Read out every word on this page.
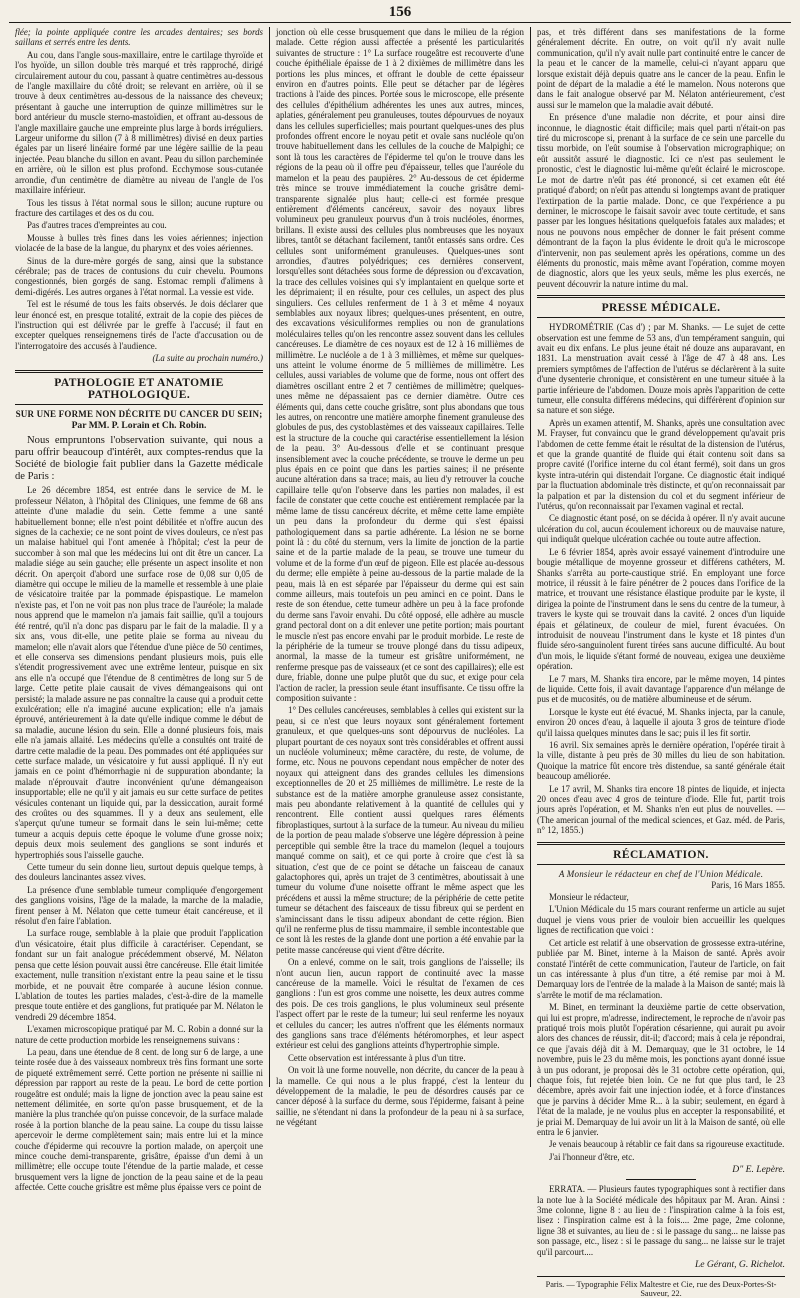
156

flée; la pointe appliquée contre les arcades dentaires; ses bords saillans et serrés entre les dents.

Au cou, dans l'angle sous-maxillaire, entre le cartilage thyroïde et l'os hyoïde, un sillon double très marqué et très rapproché, dirigé circulairement autour du cou, passant à quatre centimètres au-dessous de l'angle maxillaire du côté droit; se relevant en arrière, où il se trouve à deux centimètres au-dessous de la naissance des cheveux; présentant à gauche une interruption de quinze millimètres sur le bord antérieur du muscle sterno-mastoïdien, et offrant au-dessous de l'angle maxillaire gauche une empreinte plus large à bords irréguliers. Largeur uniforme du sillon (7 à 8 millimètres) divisé en deux parties égales par un liseré linéaire formé par une légère saillie de la peau injectée. Peau blanche du sillon en avant. Peau du sillon parcheminée en arrière, où le sillon est plus profond. Ecchymose sous-cutanée arrondie, d'un centimètre de diamètre au niveau de l'angle de l'os maxillaire inférieur.

Tous les tissus à l'état normal sous le sillon; aucune rupture ou fracture des cartilages et des os du cou.

Pas d'autres traces d'empreintes au cou.

Mousse à bulles très fines dans les voies aériennes; injection violacée de la base de la langue, du pharynx et des voies aériennes.

Sinus de la dure-mère gorgés de sang, ainsi que la substance cérébrale; pas de traces de contusions du cuir chevelu. Poumons congestionnés, bien gorgés de sang. Estomac rempli d'alimens à demi-digérés. Les autres organes à l'état normal. La vessie est vide.

Tel est le résumé de tous les faits observés. Je dois déclarer que leur énoncé est, en presque totalité, extrait de la copie des pièces de l'instruction qui est délivrée par le greffe à l'accusé; il faut en excepter quelques renseignemens tirés de l'acte d'accusation ou de l'interrogatoire des accusés à l'audience.

(La suite au prochain numéro.)

PATHOLOGIE ET ANATOMIE PATHOLOGIQUE.
SUR UNE FORME NON DÉCRITE DU CANCER DU SEIN;
Par MM. P. Lorain et Ch. Robin.

Nous empruntons l'observation suivante, qui nous a paru offrir beaucoup d'intérêt, aux comptes-rendus que la Société de biologie fait publier dans la Gazette médicale de Paris :

Le 26 décembre 1854, est entrée dans le service de M. le professeur Nélaton, à l'hôpital des Cliniques, une femme de 68 ans atteinte d'une maladie du sein. Cette femme a une santé habituellement bonne; elle n'est point débilitée et n'offre aucun des signes de la cachexie; ce ne sont point de vives douleurs, ce n'est pas un malaise habituel qui l'ont amenée à l'hôpital; c'est la peur de succomber à son mal que les médecins lui ont dit être un cancer. La maladie siége au sein gauche; elle présente un aspect insolite et non décrit. On aperçoit d'abord une surface rose de 0,08 sur 0,05 de diamètre qui occupe le milieu de la mamelle et ressemble à une plaie de vésicatoire traitée par la pommade épispastique. Le mamelon n'existe pas, et l'on ne voit pas non plus trace de l'auréole; la malade nous apprend que le mamelon n'a jamais fait saillie, qu'il a toujours été rentré, qu'il n'a donc pas disparu par le fait de la maladie. Il y a six ans, vous dit-elle, une petite plaie se forma au niveau du mamelon; elle n'avait alors que l'étendue d'une pièce de 50 centimes, et elle conserva ses dimensions pendant plusieurs mois, puis elle s'étendit progressivement avec une extrême lenteur, puisque en six ans elle n'a occupé que l'étendue de 8 centimètres de long sur 5 de large. Cette petite plaie causait de vives démangeaisons qui ont persisté; la malade assure ne pas connaître la cause qui a produit cette exulcération; elle n'a imaginé aucune explication; elle n'a jamais éprouvé, antérieurement à la date qu'elle indique comme le début de sa maladie, aucune lésion du sein. Elle a donné plusieurs fois, mais elle n'a jamais allaité. Les médecins qu'elle a consultés ont traité de dartre cette maladie de la peau. Des pommades ont été appliquées sur cette surface malade, un vésicatoire y fut aussi appliqué. Il n'y eut jamais en ce point d'hémorrhagie ni de suppuration abondante; la malade n'éprouvait d'autre inconvénient qu'une démangeaison insupportable; elle ne qu'il y ait jamais eu sur cette surface de petites vésicules contenant un liquide qui, par la dessiccation, aurait formé des croûtes ou des squammes. Il y a deux ans seulement, elle s'aperçut qu'une tumeur se formait dans le sein lui-même; cette tumeur a acquis depuis cette époque le volume d'une grosse noix; depuis deux mois seulement des ganglions se sont indurés et hypertrophiés sous l'aisselle gauche.

Cette tumeur du sein donne lieu, surtout depuis quelque temps, à des douleurs lancinantes assez vives.

La présence d'une semblable tumeur compliquée d'engorgement des ganglions voisins, l'âge de la malade, la marche de la maladie, firent penser à M. Nélaton que cette tumeur était cancéreuse, et il résolut d'en faire l'ablation.

La surface rouge, semblable à la plaie que produit l'application d'un vésicatoire, était plus difficile à caractériser. Cependant, se fondant sur un fait analogue précédemment observé, M. Nélaton pensa que cette lésion pouvait aussi être cancéreuse. Elle était limitée exactement, nulle transition n'existant entre la peau saine et le tissu morbide, et ne pouvait être comparée à aucune lésion connue. L'ablation de toutes les parties malades, c'est-à-dire de la mamelle presque toute entière et des ganglions, fut pratiquée par M. Nélaton le vendredi 29 décembre 1854.

L'examen microscopique pratiqué par M. C. Robin a donné sur la nature de cette production morbide les renseignemens suivans :

La peau, dans une étendue de 8 cent. de long sur 6 de large, a une teinte rosée due à des vaisseaux nombreux très fins formant une sorte de piqueté extrêmement serré. Cette portion ne présente ni saillie ni dépression par rapport au reste de la peau. Le bord de cette portion rougeâtre est ondulé; mais la ligne de jonction avec la peau saine est nettement délimitée, en sorte qu'on passe brusquement, et de la manière la plus tranchée qu'on puisse concevoir, de la surface malade rosée à la portion blanche de la peau saine. La coupe du tissu laisse apercevoir le derme complètement sain; mais entre lui et la mince couche d'épiderme qui recouvre la portion malade, on aperçoit une mince couche demi-transparente, grisâtre, épaisse d'un demi à un millimètre; elle occupe toute l'étendue de la partie malade, et cesse brusquement vers la ligne de jonction de la peau saine et de la peau affectée. Cette couche grisâtre est même plus épaisse vers ce point de

jonction où elle cesse brusquement que dans le milieu de la région malade. Cette région aussi affectée a présenté les particularités suivantes de structure : 1° La surface rougeâtre est recouverte d'une couche épithéliale épaisse de 1 à 2 dixièmes de millimètre dans les portions les plus minces, et offrant le double de cette épaisseur environ en d'autres points. Elle peut se détacher par de légères tractions à l'aide des pinces. Portée sous le microscope, elle présente des cellules d'épithélium adhérentes les unes aux autres, minces, aplaties, généralement peu granuleuses, toutes dépourvues de noyaux dans les cellules superficielles; mais pourtant quelques-unes des plus profondes offrent encore le noyau petit et ovale sans nucléole qu'on trouve habituellement dans les cellules de la couche de Malpighi; ce sont là tous les caractères de l'épiderme tel qu'on le trouve dans les régions de la peau où il offre peu d'épaisseur, telles que l'auréole du mamelon et la peau des paupières. 2° Au-dessous de cet épiderme très mince se trouve immédiatement la couche grisâtre demi-transparente signalée plus haut; celle-ci est formée presque entièrement d'éléments cancéreux, savoir des noyaux libres volumineux peu granuleux pourvus d'un à trois nucléoles, énormes, brillans. Il existe aussi des cellules plus nombreuses que les noyaux libres, tantôt se détachant facilement, tantôt entassés sans ordre. Ces cellules sont uniformément granuleuses. Quelques-unes sont arrondies, d'autres polyédriques; ces dernières conservent, lorsqu'elles sont détachées sous forme de dépression ou d'excavation, la trace des cellules voisines qui s'y implantaient en quelque sorte et les déprimaient; il en résulte, pour ces cellules, un aspect des plus singuliers. Ces cellules renferment de 1 à 3 et même 4 noyaux semblables aux noyaux libres; quelques-unes présentent, en outre, des excavations vésiculiformes remplies ou non de granulations moléculaires telles qu'on les rencontre assez souvent dans les cellules cancéreuses. Le diamètre de ces noyaux est de 12 à 16 millièmes de millimètre. Le nucléole a de 1 à 3 millièmes, et même sur quelques-uns atteint le volume énorme de 5 millièmes de millimètre. Les cellules, aussi variables de volume que de forme, nous ont offert des diamètres oscillant entre 2 et 7 centièmes de millimètre; quelques-unes même ne dépassaient pas ce dernier diamètre. Outre ces éléments qui, dans cette couche grisâtre, sont plus abondans que tous les autres, on rencontre une matière amorphe finement granuleuse des globules de pus, des cystoblastèmes et des vaisseaux capillaires. Telle est la structure de la couche qui caractérise essentiellement la lésion de la peau. 3° Au-dessous d'elle et se continuant presque insensiblement avec la couche précédente, se trouve le derme un peu plus épais en ce point que dans les parties saines; il ne présente aucune altération dans sa trace; mais, au lieu d'y retrouver la couche capillaire telle qu'on l'observe dans les parties non malades, il est facile de constater que cette couche est entièrement remplacée par la même lame de tissu cancéreux décrite, et même cette lame empiète un peu dans la profondeur du derme qui s'est épaissi pathologiquement dans sa partie adhérente. La lésion ne se borne point là : du côté du sternum, vers la limite de jonction de la partie saine et de la partie malade de la peau, se trouve une tumeur du volume et de la forme d'un œuf de pigeon. Elle est placée au-dessous du derme; elle empiète à peine au-dessous de la partie malade de la peau, mais là en est séparée par l'épaisseur du derme qui est sain comme ailleurs, mais toutefois un peu aminci en ce point. Dans le reste de son étendue, cette tumeur adhère un peu à la face profonde du derme sans l'avoir envahi. Du côté opposé, elle adhère au muscle grand pectoral dont on a dit enlever une petite portion; mais pourtant le muscle n'est pas encore envahi par le produit morbide. Le reste de la périphérie de la tumeur se trouve plongé dans du tissu adipeux, anormal, la masse de la tumeur est grisâtre uniformément, ne renferme presque pas de vaisseaux (et ce sont des capillaires); elle est dure, friable, donne une pulpe plutôt que du suc, et exige pour cela l'action de racler, la pression seule étant insuffisante. Ce tissu offre la composition suivante :

1° Des cellules cancéreuses, semblables à celles qui existent sur la peau, si ce n'est que leurs noyaux sont généralement fortement granuleux, et que quelques-uns sont dépourvus de nucléoles. La plupart pourtant de ces noyaux sont très considérables et offrent aussi un nucléole volumineux; même caractère, du reste, de volume, de forme, etc. Nous ne pouvons cependant nous empêcher de noter des noyaux qui atteignent dans des grandes cellules les dimensions exceptionnelles de 20 et 25 millièmes de millimètre. Le reste de la substance est de la matière amorphe granuleuse assez consistante, mais peu abondante relativement à la quantité de cellules qui y rencontrent. Elle contient aussi quelques rares éléments fibroplastiques, surtout à la surface de la tumeur. Au niveau du milieu de la portion de peau malade s'observe une légère dépression à peine perceptible qui semble être la trace du mamelon (lequel a toujours manqué comme on sait), et ce qui porte à croire que c'est là sa situation, c'est que de ce point se détache un faisceau de canaux galactophores qui, après un trajet de 3 centimètres, aboutissait à une tumeur du volume d'une noisette offrant le même aspect que les précédens et aussi la même structure; de la périphérie de cette petite tumeur se détachent des faisceaux de tissu fibreux qui se perdent en s'amincissant dans le tissu adipeux abondant de cette région. Bien qu'il ne renferme plus de tissu mammaire, il semble incontestable que ce sont là les restes de la glande dont une portion a été envahie par la petite masse cancéreuse qui vient d'être décrite.

On a enlevé, comme on le sait, trois ganglions de l'aisselle; ils n'ont aucun lien, aucun rapport de continuité avec la masse cancéreuse de la mamelle. Voici le résultat de l'examen de ces ganglions : l'un est gros comme une noisette, les deux autres comme des pois. De ces trois ganglions, le plus volumineux seul présente l'aspect offert par le reste de la tumeur; lui seul renferme les noyaux et cellules du cancer; les autres n'offrent que les éléments normaux des ganglions sans trace d'éléments hétéromorphes, et leur aspect extérieur est celui des ganglions atteints d'hypertrophie simple.

Cette observation est intéressante à plus d'un titre.

On voit là une forme nouvelle, non décrite, du cancer de la peau à la mamelle. Ce qui nous a le plus frappé, c'est la lenteur du développement de la maladie, le peu de désordres causés par ce cancer déposé à la surface du derme, sous l'épiderme, faisant à peine saillie, ne s'étendant ni dans la profondeur de la peau ni à sa surface, ne végétant

pas, et très différent dans ses manifestations de la forme généralement décrite. En outre, on voit qu'il n'y avait nulle communication, qu'il n'y avait nulle part continuité entre le cancer de la peau et le cancer de la mamelle, celui-ci n'ayant apparu que lorsque existait déjà depuis quatre ans le cancer de la peau. Enfin le point de départ de la maladie a été le mamelon. Nous noterons que dans le fait analogue observé par M. Nélaton antérieurement, c'est aussi sur le mamelon que la maladie avait débuté.

En présence d'une maladie non décrite, et pour ainsi dire inconnue, le diagnostic était difficile; mais quel parti n'était-on pas tiré du microscope si, prenant à la surface de ce sein une parcelle du tissu morbide, on l'eût soumise à l'observation micrographique; on eût aussitôt assuré le diagnostic. Ici ce n'est pas seulement le pronostic, c'est le diagnostic lui-même qu'eût éclairé le microscope. Le mot de dartre n'eût pas été prononcé, si cet examen eût été pratiqué d'abord; on n'eût pas attendu si longtemps avant de pratiquer l'extirpation de la partie malade. Donc, ce que l'expérience a pu derniner, le microscope le faisait savoir avec toute certitude, et sans passer par les longues hésitations quelquefois fatales aux malades; et nous ne pouvons nous empêcher de donner le fait présent comme démontrant de la façon la plus évidente le droit qu'a le microscope d'intervenir, non pas seulement après les opérations, comme un des éléments du pronostic, mais même avant l'opération, comme moyen de diagnostic, alors que les yeux seuls, même les plus exercés, ne peuvent découvrir la nature intime du mal.

PRESSE MÉDICALE.

HYDROMÉTRIE (Cas d') ; par M. Shanks. — Le sujet de cette observation est une femme de 53 ans, d'un tempérament sanguin, qui avait eu dix enfans. Le plus jeune était né douze ans auparavant, en 1831. La menstruation avait cessé à l'âge de 47 à 48 ans. Les premiers symptômes de l'affection de l'utérus se déclarèrent à la suite d'une dysenterie chronique, et consistèrent en une tumeur située à la partie inférieure de l'abdomen. Douze mois après l'apparition de cette tumeur, elle consulta différens médecins, qui différèrent d'opinion sur sa nature et son siége.

Après un examen attentif, M. Shanks, après une consultation avec M. Frayser, fut convaincu que le grand développement qu'avait pris l'abdomen de cette femme était le résultat de la distension de l'utérus, et que la grande quantité de fluide qui était contenu soit dans sa propre cavité (l'orifice interne du col étant fermé), soit dans un gros kyste intra-utérin qui distendait l'organe. Ce diagnostic était indiqué par la fluctuation abdominale très distincte, et qu'on reconnaissait par la palpation et par la distension du col et du segment inférieur de l'utérus, qu'on reconnaissait par l'examen vaginal et rectal.

Ce diagnostic étant posé, on se décida à opérer. Il n'y avait aucune ulcération du col, aucun écoulement ichoreux ou de mauvaise nature, qui indiquât quelque ulcération cachée ou toute autre affection.

Le 6 février 1854, après avoir essayé vainement d'introduire une bougie métallique de moyenne grosseur et différens cathéters, M. Shanks s'arrêta au porte-caustique strié. En employant une force motrice, il réussit à le faire pénétrer de 2 pouces dans l'orifice de la matrice, et trouvant une résistance élastique produite par le kyste, il dirigea la pointe de l'instrument dans le sens du centre de la tumeur, à travers le kyste qui se trouvait dans la cavité. 2 onces d'un liquide épais et gélatineux, de couleur de miel, furent évacuées. On introduisit de nouveau l'instrument dans le kyste et 18 pintes d'un fluide séro-sanguinolent furent tirées sans aucune difficulté. Au bout d'un mois, le liquide s'étant formé de nouveau, exigea une deuxième opération.

Le 7 mars, M. Shanks tira encore, par le même moyen, 14 pintes de liquide. Cette fois, il avait davantage l'apparence d'un mélange de pus et de mucosités, ou de matière albumineuse et de sérum.

Lorsque le kyste eut été évacué, M. Shanks injecta, par la canule, environ 20 onces d'eau, à laquelle il ajouta 3 gros de teinture d'iode qu'il laissa quelques minutes dans le sac; puis il les fit sortir.

16 avril. Six semaines après le dernière opération, l'opérée tirait à la ville, distante à peu près de 30 milles du lieu de son habitation. Quoique la matrice fût encore très distendue, sa santé générale était beaucoup améliorée.

Le 17 avril, M. Shanks tira encore 18 pintes de liquide, et injecta 20 onces d'eau avec 4 gros de teinture d'iode. Elle fut, partit trois jours après l'opération, et M. Shanks n'en eut plus de nouvelles. — (The american journal of the medical sciences, et Gaz. méd. de Paris, n° 12, 1855.)

RÉCLAMATION.
A Monsieur le rédacteur en chef de l'Union Médicale.

Paris, 16 Mars 1855.

Monsieur le rédacteur,

L'Union Médicale du 15 mars courant renferme un article au sujet duquel je viens vous prier de vouloir bien accueillir les quelques lignes de rectification que voici :

Cet article est relatif à une observation de grossesse extra-utérine, publiée par M. Binet, interne à la Maison de santé. Après avoir constaté l'intérêt de cette communication, l'auteur de l'article, on fait un cas intéressante à plus d'un titre, a été remise par moi à M. Demarquay lors de l'entrée de la malade à la Maison de santé; mais là s'arrête le motif de ma réclamation.

M. Binet, en terminant la deuxième partie de cette observation, qui lui est propre, m'adresse, indirectement, le reproche de n'avoir pas pratiqué trois mois plutôt l'opération césarienne, qui aurait pu avoir alors des chances de réussir, dit-il; d'accord; mais à cela je répondrai, ce que j'avais déjà dit à M. Demarquay, que le 31 octobre, le 14 novembre, puis le 23 du même mois, les ponctions ayant donné issue à un pus odorant, je proposai dès le 31 octobre cette opération, qui, chaque fois, fut rejetée bien loin. Ce ne fut que plus tard, le 23 décembre, après avoir fait une injection iodée, et à force d'instances que je parvins à décider Mme R... à la subir; seulement, en égard à l'état de la malade, je ne voulus plus en accepter la responsabilité, et je priai M. Demarquay de lui avoir un lit à la Maison de santé, où elle entra le 6 janvier.

Je venais beaucoup à rétablir ce fait dans sa rigoureuse exactitude.

J'ai l'honneur d'être, etc.

D" E. Lepère.

ERRATA. — Plusieurs fautes typographiques sont à rectifier dans la note lue à la Société médicale des hôpitaux par M. Aran. Ainsi : 3me colonne, ligne 8 : au lieu de : l'inspiration calme à la fois est, lisez : l'inspiration calme est à la fois.... 2me page, 2me colonne, ligne 38 et suivantes, au lieu de : si le passage du sang... ne laisse pas son passage, etc., lisez : si le passage du sang... ne laisse sur le trajet qu'il parcourt....

Le Gérant, G. Richelot.
Paris. — Typographie Félix Maltestre et Cie, rue des Deux-Portes-St-Sauveur, 22.
